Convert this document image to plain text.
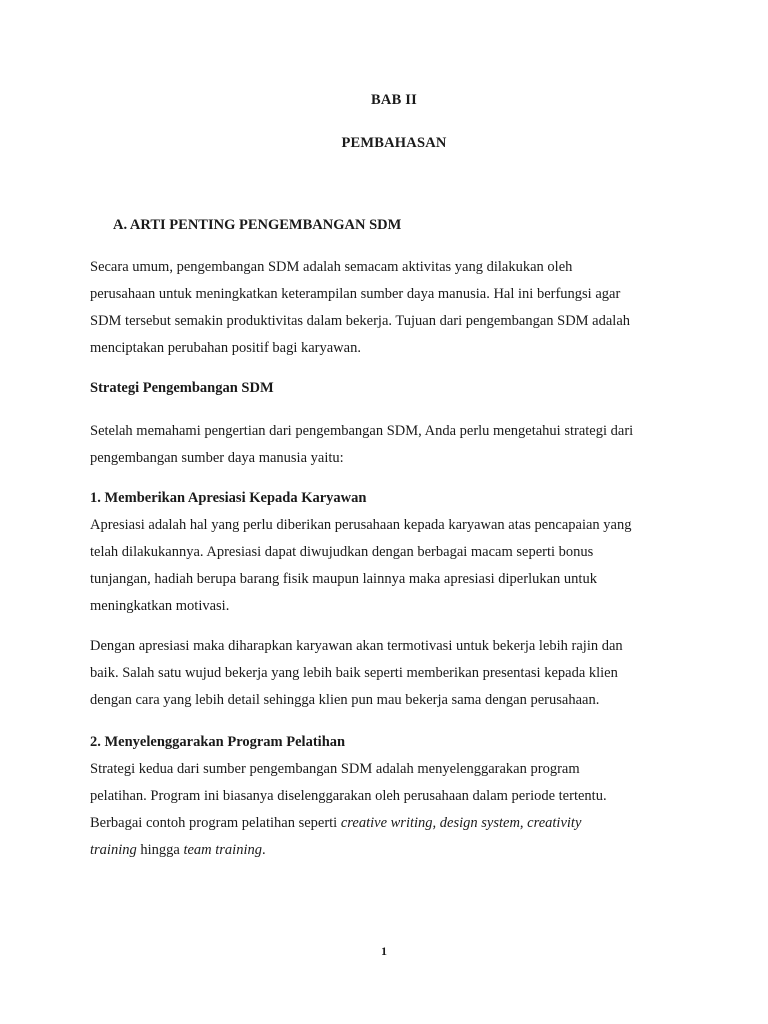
BAB II

PEMBAHASAN

A. ARTI PENTING PENGEMBANGAN SDM

Secara umum, pengembangan SDM adalah semacam aktivitas yang dilakukan oleh
perusahaan untuk meningkatkan keterampilan sumber daya manusia. Hal ini berfungsi agar
SDM tersebut semakin produktivitas dalam bekerja. Tujuan dari pengembangan SDM adalah
menciptakan perubahan positif bagi karyawan.

Strategi Pengembangan SDM

Setelah memahami pengertian dari pengembangan SDM, Anda perlu mengetahui strategi dari
pengembangan sumber daya manusia yaitu:

1. Memberikan Apresiasi Kepada Karyawan

Apresiasi adalah hal yang perlu diberikan perusahaan kepada karyawan atas pencapaian yang
telah dilakukannya. Apresiasi dapat diwujudkan dengan berbagai macam seperti bonus
tunjangan, hadiah berupa barang fisik maupun lainnya maka apresiasi diperlukan untuk
meningkatkan motivasi.
Dengan apresiasi maka diharapkan karyawan akan termotivasi untuk bekerja lebih rajin dan
baik. Salah satu wujud bekerja yang lebih baik seperti memberikan presentasi kepada klien
dengan cara yang lebih detail sehingga klien pun mau bekerja sama dengan perusahaan.

2. Menyelenggarakan Program Pelatihan

Strategi kedua dari sumber pengembangan SDM adalah menyelenggarakan program
pelatihan. Program ini biasanya diselenggarakan oleh perusahaan dalam periode tertentu.
Berbagai contoh program pelatihan seperti creative writing, design system, creativity
training hingga team training.

1
